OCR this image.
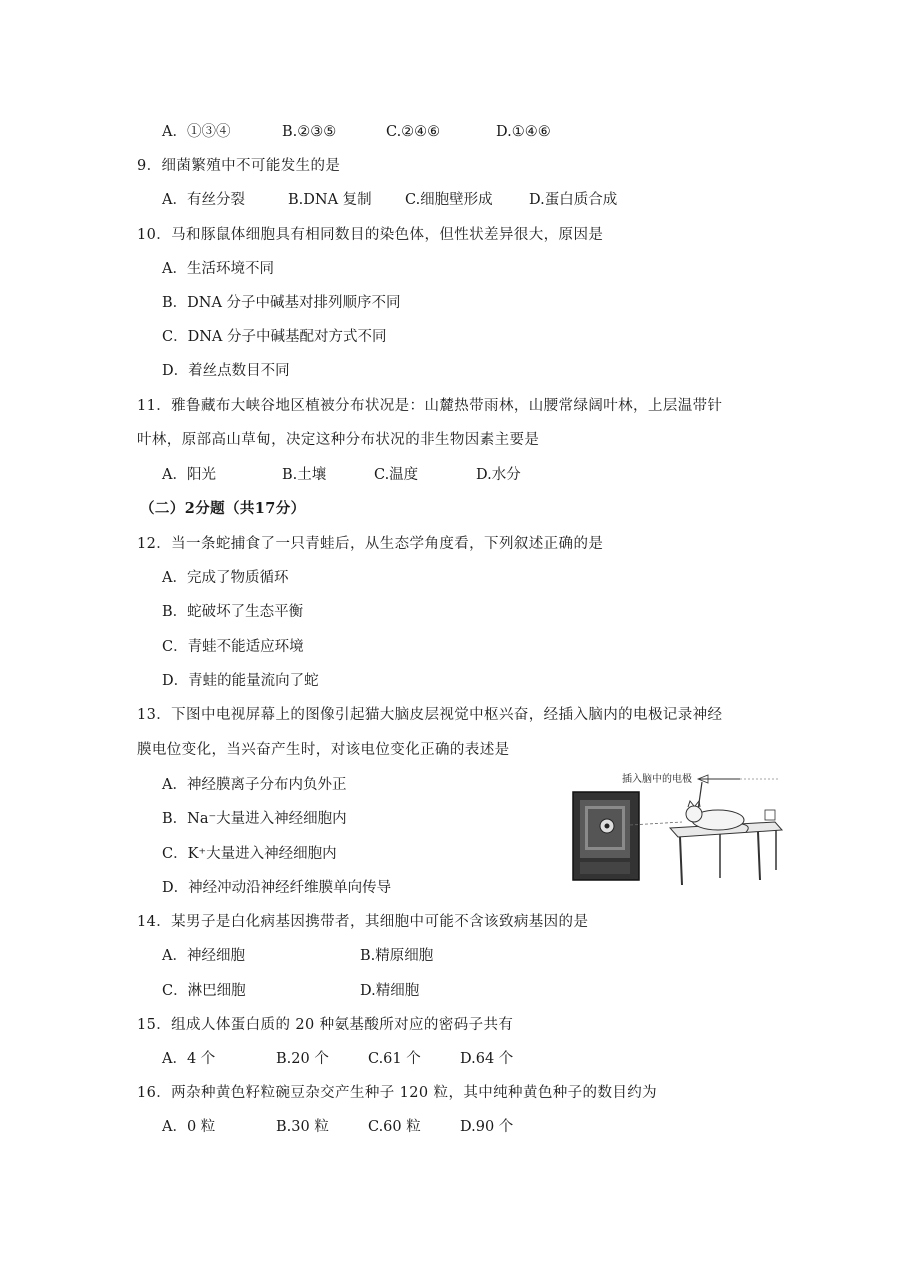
A．①③④	B.②③⑤	C.②④⑥	D.①④⑥
9．细菌繁殖中不可能发生的是
A．有丝分裂	B.DNA 复制 C.细胞壁形成	D.蛋白质合成
10．马和豚鼠体细胞具有相同数目的染色体，但性状差异很大，原因是
A．生活环境不同
B．DNA 分子中碱基对排列顺序不同
C．DNA 分子中碱基配对方式不同
D．着丝点数目不同
11．雅鲁藏布大峡谷地区植被分布状况是：山麓热带雨林，山腰常绿阔叶林，上层温带针
叶林，原部高山草甸，决定这种分布状况的非生物因素主要是
A．阳光	B.土壤	C.温度	D.水分
（二）2分题（共17分）
12．当一条蛇捕食了一只青蛙后，从生态学角度看，下列叙述正确的是
A．完成了物质循环
B．蛇破坏了生态平衡
C．青蛙不能适应环境
D．青蛙的能量流向了蛇
13．下图中电视屏幕上的图像引起猫大脑皮层视觉中枢兴奋，经插入脑内的电极记录神经
膜电位变化，当兴奋产生时，对该电位变化正确的表述是
A．神经膜离子分布内负外正
B．Na⁻大量进入神经细胞内
C．K⁺大量进入神经细胞内
D．神经冲动沿神经纤维膜单向传导
插入脑中的电极
14．某男子是白化病基因携带者，其细胞中可能不含该致病基因的是
A．神经细胞	B.精原细胞
C．淋巴细胞	D.精细胞
15．组成人体蛋白质的 20 种氨基酸所对应的密码子共有
A．4 个	B.20 个	C.61 个	D.64 个
16．两杂种黄色籽粒碗豆杂交产生种子 120 粒，其中纯种黄色种子的数目约为
A．0 粒	B.30 粒	C.60 粒	D.90 个
